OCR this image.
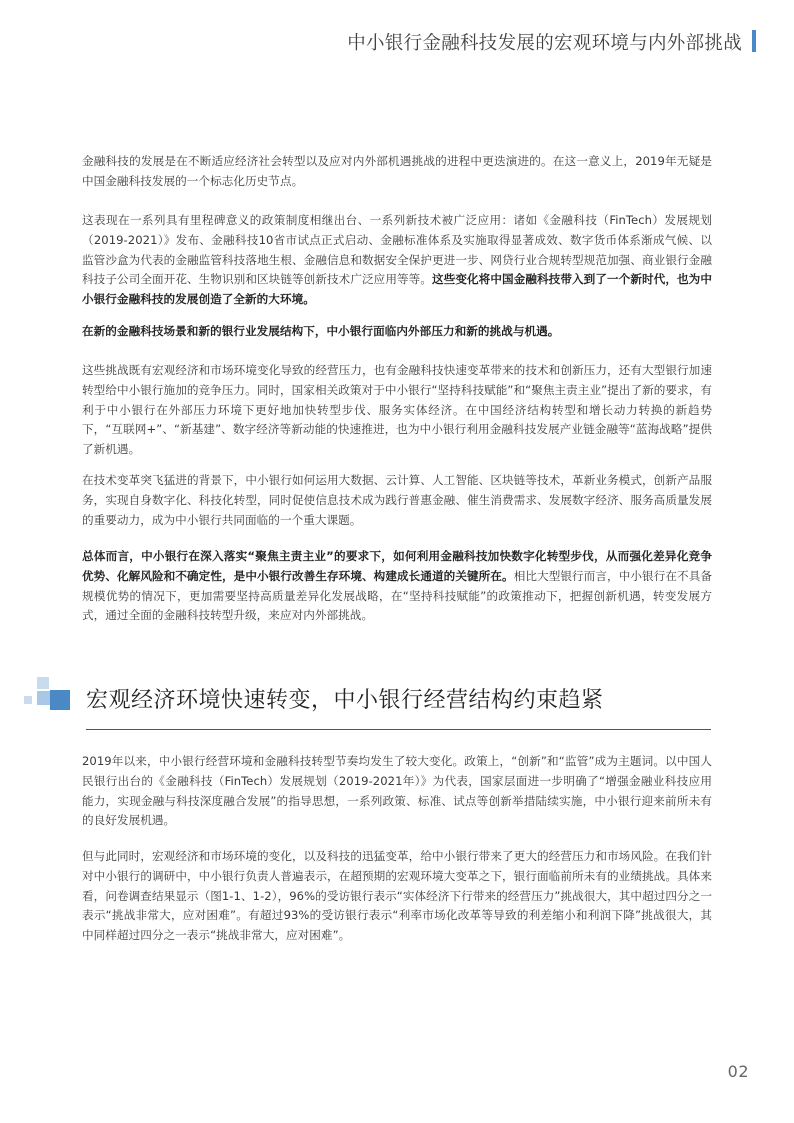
中小银行金融科技发展的宏观环境与内外部挑战

金融科技的发展是在不断适应经济社会转型以及应对内外部机遇挑战的进程中更迭演进的。在这一意义上，2019年无疑是中国金融科技发展的一个标志化历史节点。

这表现在一系列具有里程碑意义的政策制度相继出台、一系列新技术被广泛应用：诸如《金融科技（FinTech）发展规划（2019-2021）》发布、金融科技10省市试点正式启动、金融标准体系及实施取得显著成效、数字货币体系渐成气候、以监管沙盒为代表的金融监管科技落地生根、金融信息和数据安全保护更进一步、网贷行业合规转型规范加强、商业银行金融科技子公司全面开花、生物识别和区块链等创新技术广泛应用等等。这些变化将中国金融科技带入到了一个新时代，也为中小银行金融科技的发展创造了全新的大环境。

在新的金融科技场景和新的银行业发展结构下，中小银行面临内外部压力和新的挑战与机遇。

这些挑战既有宏观经济和市场环境变化导致的经营压力，也有金融科技快速变革带来的技术和创新压力，还有大型银行加速转型给中小银行施加的竞争压力。同时，国家相关政策对于中小银行“坚持科技赋能”和“聚焦主责主业”提出了新的要求，有利于中小银行在外部压力环境下更好地加快转型步伐、服务实体经济。在中国经济结构转型和增长动力转换的新趋势下，“互联网+”、“新基建”、数字经济等新动能的快速推进，也为中小银行利用金融科技发展产业链金融等“蓝海战略”提供了新机遇。

在技术变革突飞猛进的背景下，中小银行如何运用大数据、云计算、人工智能、区块链等技术，革新业务模式，创新产品服务，实现自身数字化、科技化转型，同时促使信息技术成为践行普惠金融、催生消费需求、发展数字经济、服务高质量发展的重要动力，成为中小银行共同面临的一个重大课题。

总体而言，中小银行在深入落实“聚焦主责主业”的要求下，如何利用金融科技加快数字化转型步伐，从而强化差异化竞争优势、化解风险和不确定性，是中小银行改善生存环境、构建成长通道的关键所在。相比大型银行而言，中小银行在不具备规模优势的情况下，更加需要坚持高质量差异化发展战略，在“坚持科技赋能”的政策推动下，把握创新机遇，转变发展方式，通过全面的金融科技转型升级，来应对内外部挑战。

宏观经济环境快速转变，中小银行经营结构约束趋紧

2019年以来，中小银行经营环境和金融科技转型节奏均发生了较大变化。政策上，“创新”和“监管”成为主题词。以中国人民银行出台的《金融科技（FinTech）发展规划（2019-2021年）》为代表，国家层面进一步明确了“增强金融业科技应用能力，实现金融与科技深度融合发展”的指导思想，一系列政策、标准、试点等创新举措陆续实施，中小银行迎来前所未有的良好发展机遇。

但与此同时，宏观经济和市场环境的变化，以及科技的迅猛变革，给中小银行带来了更大的经营压力和市场风险。在我们针对中小银行的调研中，中小银行负责人普遍表示，在超预期的宏观环境大变革之下，银行面临前所未有的业绩挑战。具体来看，问卷调查结果显示（图1-1、1-2），96%的受访银行表示“实体经济下行带来的经营压力”挑战很大，其中超过四分之一表示“挑战非常大，应对困难”。有超过93%的受访银行表示“利率市场化改革等导致的利差缩小和利润下降”挑战很大，其中同样超过四分之一表示“挑战非常大，应对困难”。

02
